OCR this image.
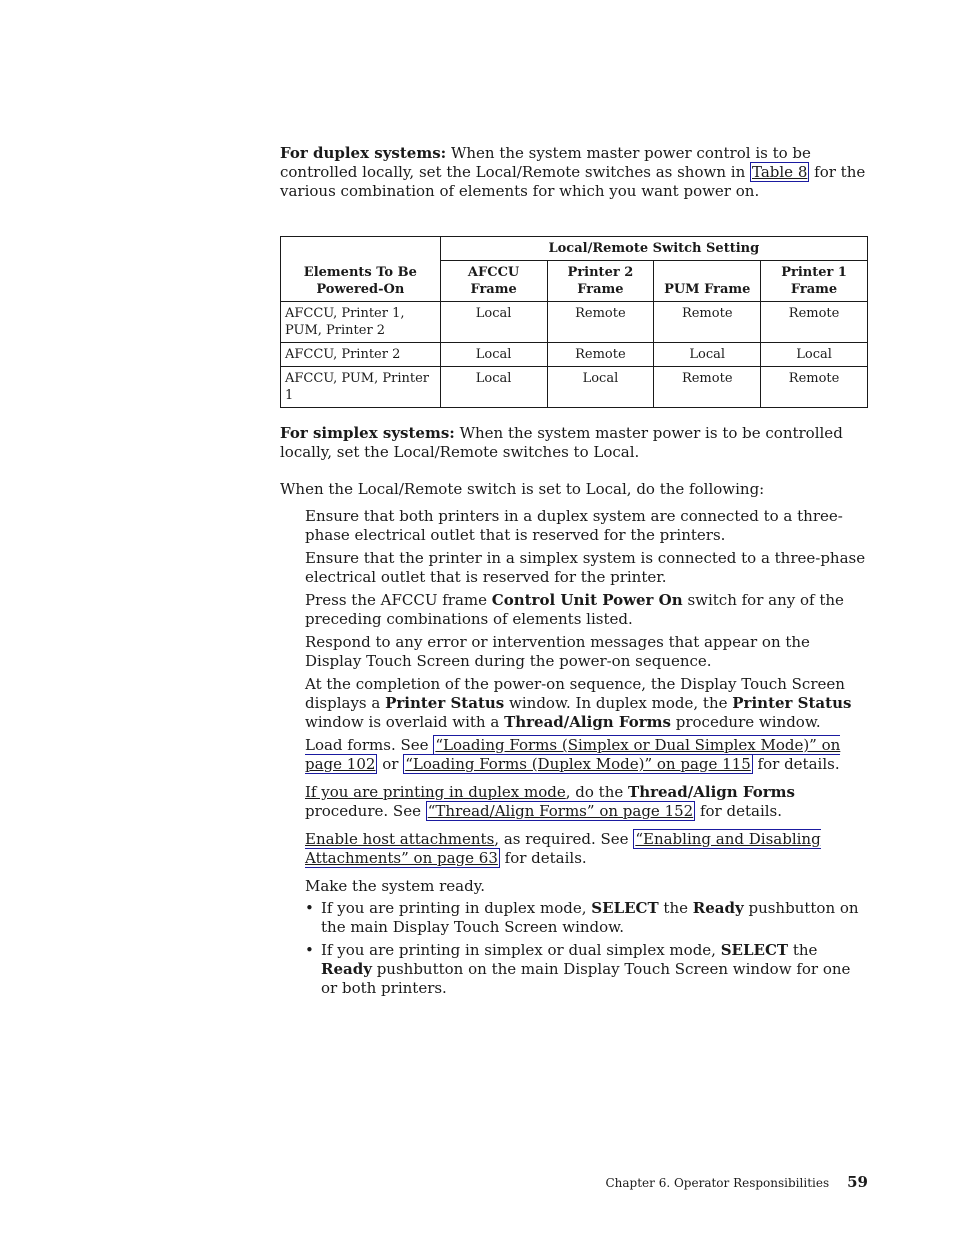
For duplex systems: When the system master power control is to be controlled locally, set the Local/Remote switches as shown in Table 8 for the various combination of elements for which you want power on.

Elements To Be Powered-On	Local/Remote Switch Setting			
	AFCCU Frame	Printer 2 Frame	PUM Frame	Printer 1 Frame
AFCCU, Printer 1, PUM, Printer 2	Local	Remote	Remote	Remote
AFCCU, Printer 2	Local	Remote	Local	Local
AFCCU, PUM, Printer 1	Local	Local	Remote	Remote
For simplex systems: When the system master power is to be controlled locally, set the Local/Remote switches to Local.
When the Local/Remote switch is set to Local, do the following:

Ensure that both printers in a duplex system are connected to a three-phase electrical outlet that is reserved for the printers.

Ensure that the printer in a simplex system is connected to a three-phase electrical outlet that is reserved for the printer.

Press the AFCCU frame Control Unit Power On switch for any of the preceding combinations of elements listed.

Respond to any error or intervention messages that appear on the Display Touch Screen during the power-on sequence.

At the completion of the power-on sequence, the Display Touch Screen displays a Printer Status window. In duplex mode, the Printer Status window is overlaid with a Thread/Align Forms procedure window.

Load forms. See “Loading Forms (Simplex or Dual Simplex Mode)” on page 102 or “Loading Forms (Duplex Mode)” on page 115 for details.

If you are printing in duplex mode, do the Thread/Align Forms procedure. See “Thread/Align Forms” on page 152 for details.

Enable host attachments, as required. See “Enabling and Disabling Attachments” on page 63 for details.

Make the system ready.

• If you are printing in duplex mode, SELECT the Ready pushbutton on the main Display Touch Screen window.
• If you are printing in simplex or dual simplex mode, SELECT the Ready pushbutton on the main Display Touch Screen window for one or both printers.
Chapter 6. Operator Responsibilities 59
